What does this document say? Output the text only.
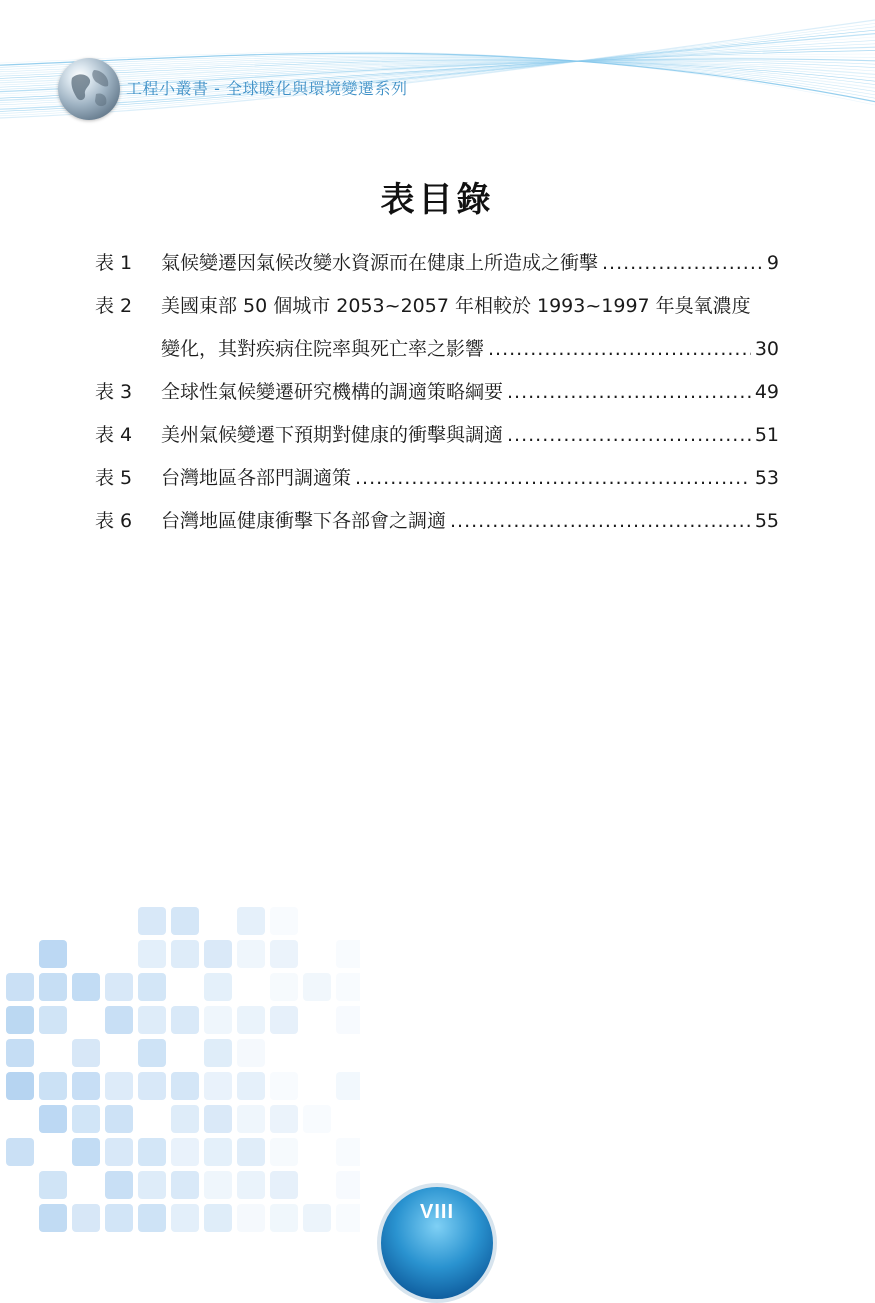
工程小叢書 - 全球暖化與環境變遷系列
表目錄
表 1 氣候變遷因氣候改變水資源而在健康上所造成之衝擊 .....	9
表 2 美國東部 50 個城市 2053~2057 年相較於 1993~1997 年臭氧濃度
變化，其對疾病住院率與死亡率之影響 .....	30
表 3 全球性氣候變遷研究機構的調適策略綱要 .....	49
表 4 美州氣候變遷下預期對健康的衝擊與調適 .....	51
表 5 台灣地區各部門調適策 .....	53
表 6 台灣地區健康衝擊下各部會之調適 .....	55
VIII
